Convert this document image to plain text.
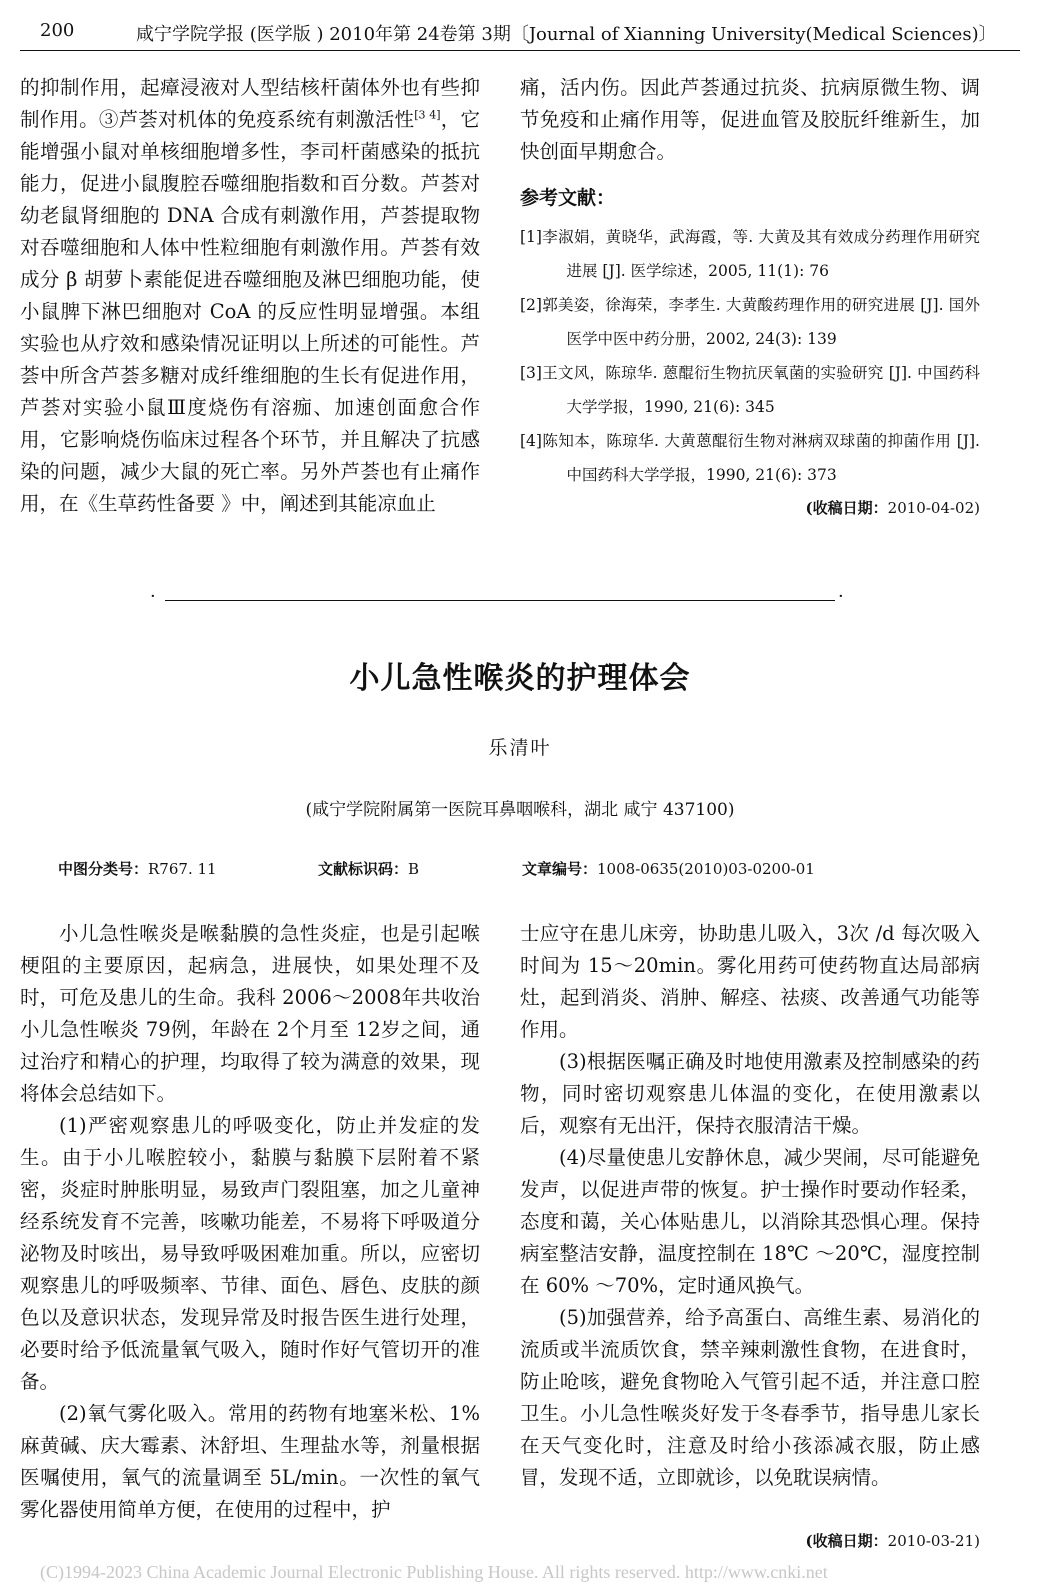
200	咸宁学院学报 (医学版 ) 2010年第 24卷第 3期〔Journal of Xianning University(Medical Sciences)〕

的抑制作用，起瘴浸液对人型结核杆菌体外也有些抑制作用。③芦荟对机体的免疫系统有刺激活性[3 4]，它能增强小鼠对单核细胞增多性，李司杆菌感染的抵抗能力，促进小鼠腹腔吞噬细胞指数和百分数。芦荟对幼老鼠肾细胞的 DNA 合成有刺激作用，芦荟提取物对吞噬细胞和人体中性粒细胞有刺激作用。芦荟有效成分 β 胡萝卜素能促进吞噬细胞及淋巴细胞功能，使小鼠脾下淋巴细胞对 CoA 的反应性明显增强。本组实验也从疗效和感染情况证明以上所述的可能性。芦荟中所含芦荟多糖对成纤维细胞的生长有促进作用，芦荟对实验小鼠Ⅲ度烧伤有溶痂、加速创面愈合作用，它影响烧伤临床过程各个环节，并且解决了抗感染的问题，减少大鼠的死亡率。另外芦荟也有止痛作用，在《生草药性备要 》中，阐述到其能凉血止

痛，活内伤。因此芦荟通过抗炎、抗病原微生物、调节免疫和止痛作用等，促进血管及胶朊纤维新生，加快创面早期愈合。

参考文献：

[1]李淑娟，黄晓华，武海霞，等. 大黄及其有效成分药理作用研究进展 [J]. 医学综述，2005, 11(1): 76

[2]郭美姿，徐海荣，李孝生. 大黄酸药理作用的研究进展 [J]. 国外医学中医中药分册，2002, 24(3): 139

[3]王文风，陈琼华. 蒽醌衍生物抗厌氧菌的实验研究 [J]. 中国药科大学学报，1990, 21(6): 345

[4]陈知本，陈琼华. 大黄蒽醌衍生物对淋病双球菌的抑菌作用 [J]. 中国药科大学学报，1990, 21(6): 373

(收稿日期：2010-04-02)
·	·
小儿急性喉炎的护理体会
乐清叶
(咸宁学院附属第一医院耳鼻咽喉科，湖北 咸宁 437100)
中图分类号：R767. 11	文献标识码：B	文章编号：1008-0635(2010)03-0200-01

小儿急性喉炎是喉黏膜的急性炎症，也是引起喉梗阻的主要原因，起病急，进展快，如果处理不及时，可危及患儿的生命。我科 2006～2008年共收治小儿急性喉炎 79例，年龄在 2个月至 12岁之间，通过治疗和精心的护理，均取得了较为满意的效果，现将体会总结如下。

(1)严密观察患儿的呼吸变化，防止并发症的发生。由于小儿喉腔较小，黏膜与黏膜下层附着不紧密，炎症时肿胀明显，易致声门裂阻塞，加之儿童神经系统发育不完善，咳嗽功能差，不易将下呼吸道分泌物及时咳出，易导致呼吸困难加重。所以，应密切观察患儿的呼吸频率、节律、面色、唇色、皮肤的颜色以及意识状态，发现异常及时报告医生进行处理，必要时给予低流量氧气吸入，随时作好气管切开的准备。

(2)氧气雾化吸入。常用的药物有地塞米松、1%麻黄碱、庆大霉素、沐舒坦、生理盐水等，剂量根据医嘱使用，氧气的流量调至 5L/min。一次性的氧气雾化器使用简单方便，在使用的过程中，护

士应守在患儿床旁，协助患儿吸入，3次 /d 每次吸入时间为 15～20min。雾化用药可使药物直达局部病灶，起到消炎、消肿、解痉、祛痰、改善通气功能等作用。

(3)根据医嘱正确及时地使用激素及控制感染的药物，同时密切观察患儿体温的变化，在使用激素以后，观察有无出汗，保持衣服清洁干燥。

(4)尽量使患儿安静休息，减少哭闹，尽可能避免发声，以促进声带的恢复。护士操作时要动作轻柔，态度和蔼，关心体贴患儿，以消除其恐惧心理。保持病室整洁安静，温度控制在 18℃ ～20℃，湿度控制在 60% ～70%，定时通风换气。

(5)加强营养，给予高蛋白、高维生素、易消化的流质或半流质饮食，禁辛辣刺激性食物，在进食时，防止呛咳，避免食物呛入气管引起不适，并注意口腔卫生。小儿急性喉炎好发于冬春季节，指导患儿家长在天气变化时，注意及时给小孩添减衣服，防止感冒，发现不适，立即就诊，以免耽误病情。

(收稿日期：2010-03-21)
(C)1994-2023 China Academic Journal Electronic Publishing House. All rights reserved. http://www.cnki.net
